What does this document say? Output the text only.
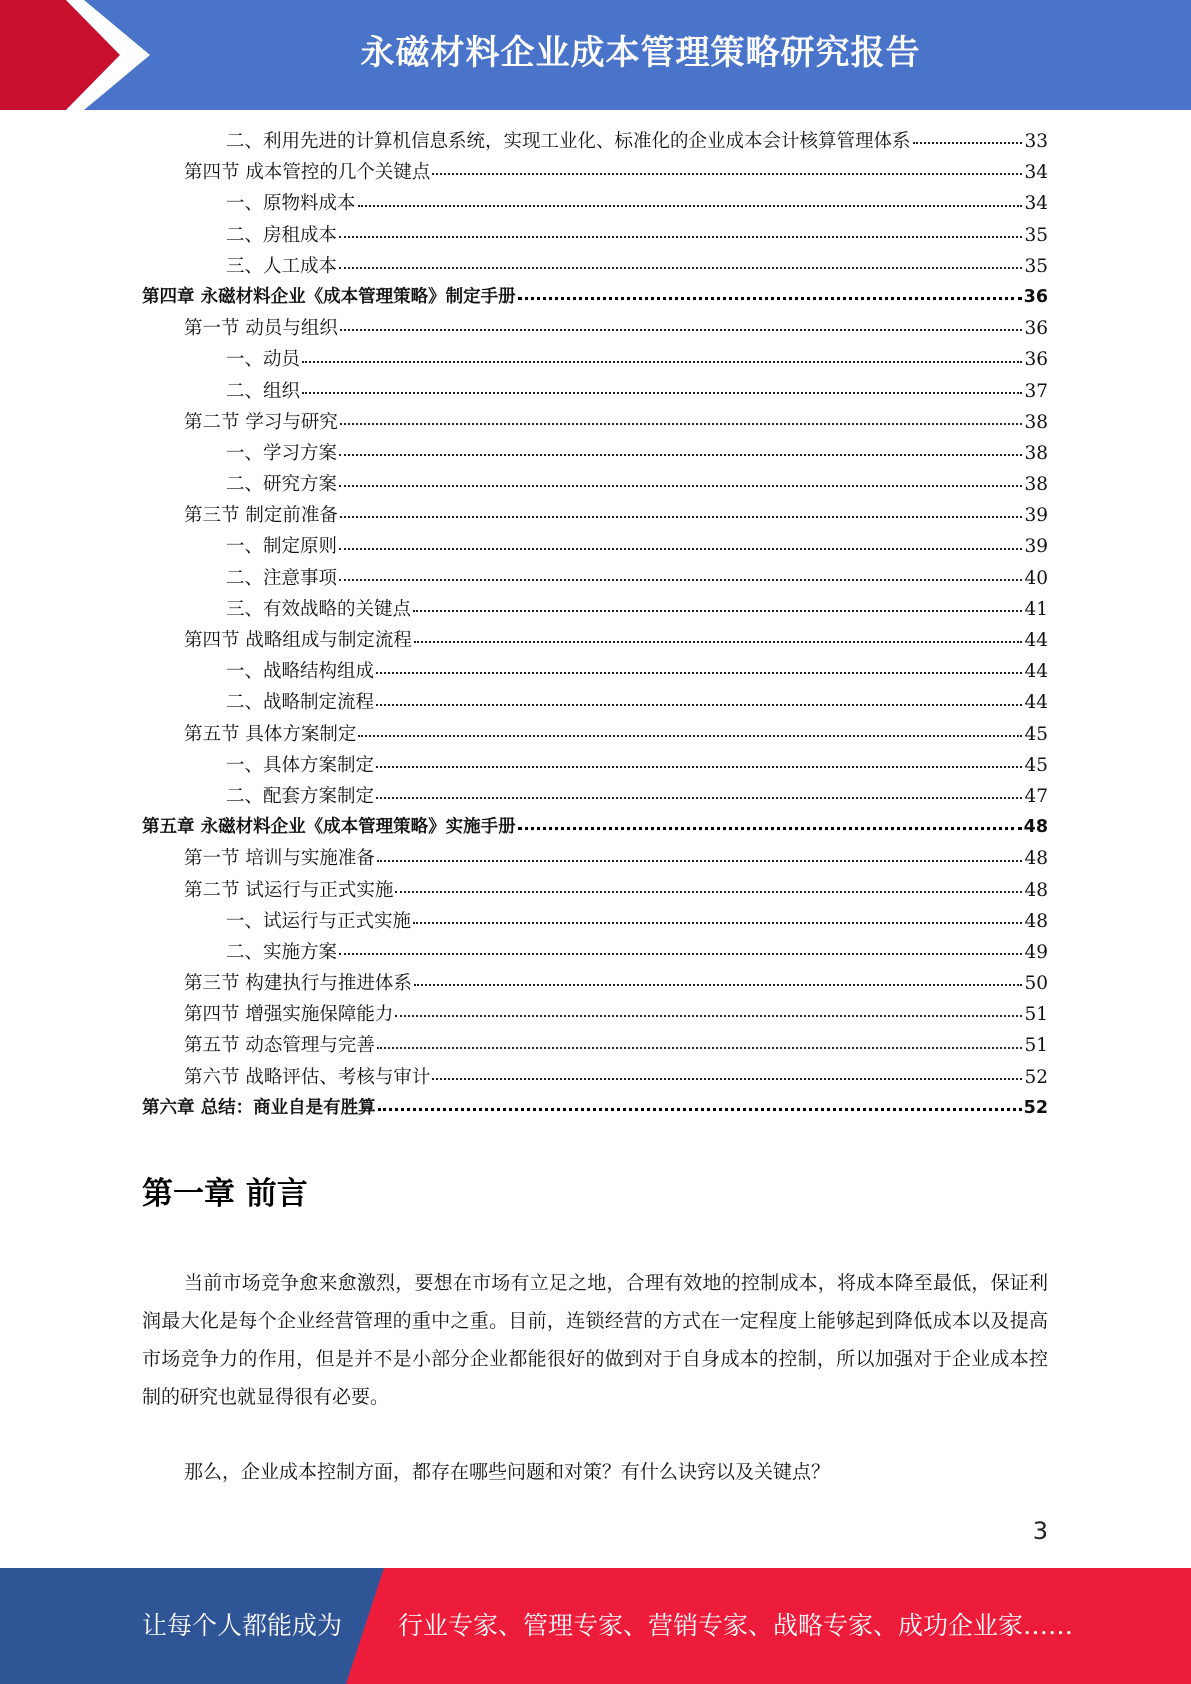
永磁材料企业成本管理策略研究报告
二、利用先进的计算机信息系统，实现工业化、标准化的企业成本会计核算管理体系	33
第四节 成本管控的几个关键点	34
一、原物料成本	34
二、房租成本	35
三、人工成本	35
第四章 永磁材料企业《成本管理策略》制定手册	36
第一节 动员与组织	36
一、动员	36
二、组织	37
第二节 学习与研究	38
一、学习方案	38
二、研究方案	38
第三节 制定前准备	39
一、制定原则	39
二、注意事项	40
三、有效战略的关键点	41
第四节 战略组成与制定流程	44
一、战略结构组成	44
二、战略制定流程	44
第五节 具体方案制定	45
一、具体方案制定	45
二、配套方案制定	47
第五章 永磁材料企业《成本管理策略》实施手册	48
第一节 培训与实施准备	48
第二节 试运行与正式实施	48
一、试运行与正式实施	48
二、实施方案	49
第三节 构建执行与推进体系	50
第四节 增强实施保障能力	51
第五节 动态管理与完善	51
第六节 战略评估、考核与审计	52
第六章 总结：商业自是有胜算	52
第一章 前言
当前市场竞争愈来愈激烈，要想在市场有立足之地，合理有效地的控制成本，将成本降至最低，保证利润最大化是每个企业经营管理的重中之重。目前，连锁经营的方式在一定程度上能够起到降低成本以及提高市场竞争力的作用，但是并不是小部分企业都能很好的做到对于自身成本的控制，所以加强对于企业成本控制的研究也就显得很有必要。
那么，企业成本控制方面，都存在哪些问题和对策？有什么诀窍以及关键点？
3
让每个人都能成为 行业专家、管理专家、营销专家、战略专家、成功企业家……
